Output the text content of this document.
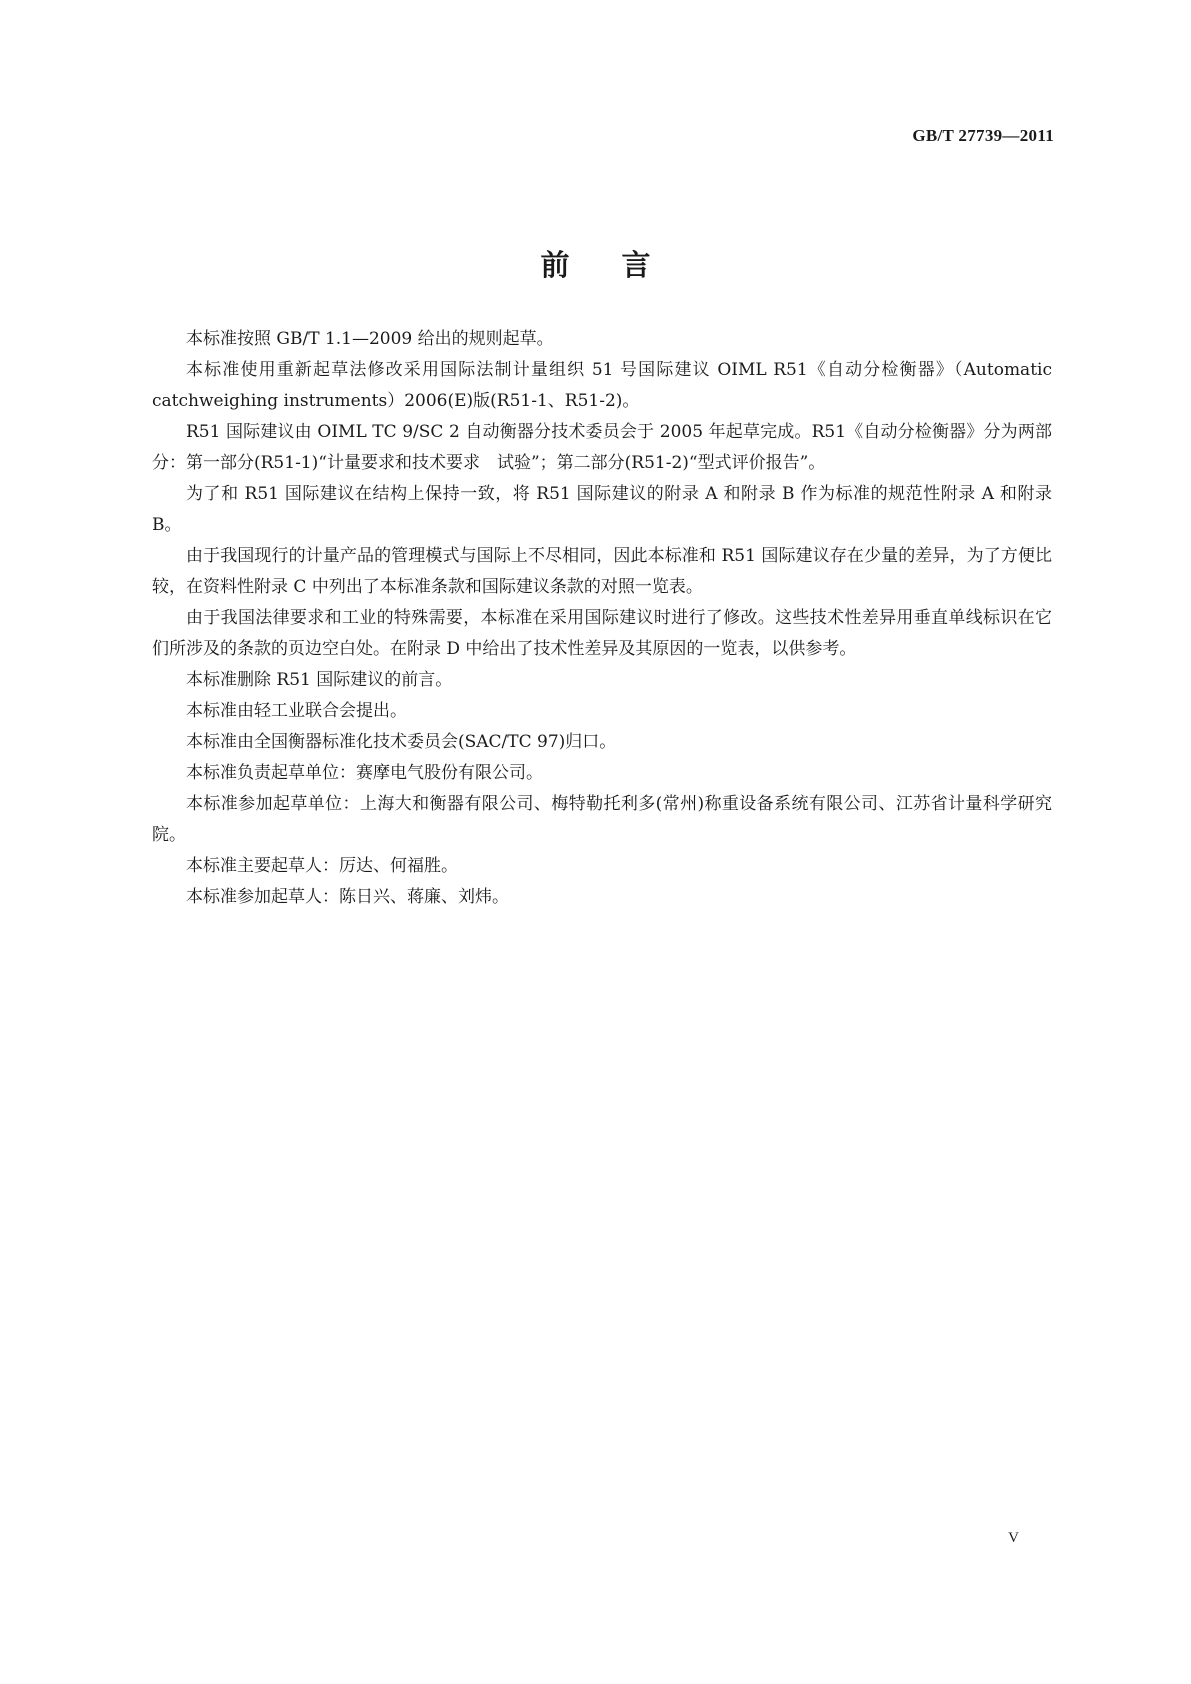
GB/T 27739—2011
前言

本标准按照 GB/T 1.1—2009 给出的规则起草。

本标准使用重新起草法修改采用国际法制计量组织 51 号国际建议 OIML R51《自动分检衡器》（Automatic catchweighing instruments）2006(E)版(R51-1、R51-2)。

R51 国际建议由 OIML TC 9/SC 2 自动衡器分技术委员会于 2005 年起草完成。R51《自动分检衡器》分为两部分：第一部分(R51-1)“计量要求和技术要求　试验”；第二部分(R51-2)“型式评价报告”。

为了和 R51 国际建议在结构上保持一致，将 R51 国际建议的附录 A 和附录 B 作为标准的规范性附录 A 和附录 B。

由于我国现行的计量产品的管理模式与国际上不尽相同，因此本标准和 R51 国际建议存在少量的差异，为了方便比较，在资料性附录 C 中列出了本标准条款和国际建议条款的对照一览表。

由于我国法律要求和工业的特殊需要，本标准在采用国际建议时进行了修改。这些技术性差异用垂直单线标识在它们所涉及的条款的页边空白处。在附录 D 中给出了技术性差异及其原因的一览表，以供参考。

本标准删除 R51 国际建议的前言。

本标准由轻工业联合会提出。

本标准由全国衡器标准化技术委员会(SAC/TC 97)归口。

本标准负责起草单位：赛摩电气股份有限公司。

本标准参加起草单位：上海大和衡器有限公司、梅特勒托利多(常州)称重设备系统有限公司、江苏省计量科学研究院。

本标准主要起草人：厉达、何福胜。

本标准参加起草人：陈日兴、蒋廉、刘炜。

V
